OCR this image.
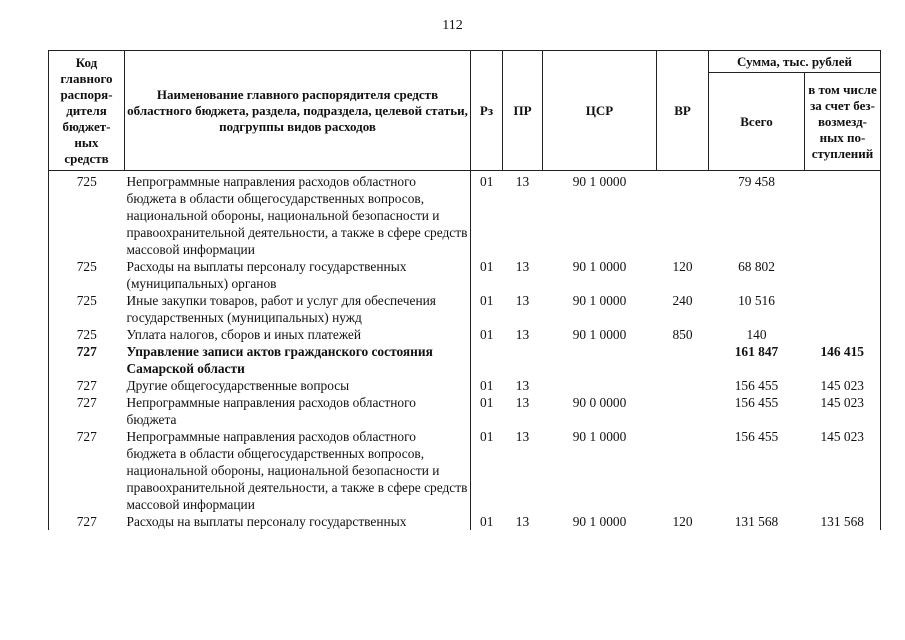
112
Код главного распоря-дителя бюджет-ных средств	Наименование главного распорядителя средств областного бюджета, раздела, подраздела, целевой статьи, подгруппы видов расходов	Рз	ПР	ЦСР	ВР	Сумма, тыс. рублей	
						Всего	в том числе за счет без-возмезд-ных по-ступлений
725	Непрограммные направления расходов областного бюджета в области общегосударственных вопросов, национальной обороны, национальной безопасности и правоохранительной деятельности, а также в сфере средств массовой информации	01	13	90 1 0000		79 458	
725	Расходы на выплаты персоналу государственных (муниципальных) органов	01	13	90 1 0000	120	68 802	
725	Иные закупки товаров, работ и услуг для обеспечения государственных (муниципальных) нужд	01	13	90 1 0000	240	10 516	
725	Уплата налогов, сборов и иных платежей	01	13	90 1 0000	850	140	
727	Управление записи актов гражданского состояния Самарской области					161 847	146 415
727	Другие общегосударственные вопросы	01	13			156 455	145 023
727	Непрограммные направления расходов областного бюджета	01	13	90 0 0000		156 455	145 023
727	Непрограммные направления расходов областного бюджета в области общегосударственных вопросов, национальной обороны, национальной безопасности и правоохранительной деятельности, а также в сфере средств массовой информации	01	13	90 1 0000		156 455	145 023
727	Расходы на выплаты персоналу государственных	01	13	90 1 0000	120	131 568	131 568
